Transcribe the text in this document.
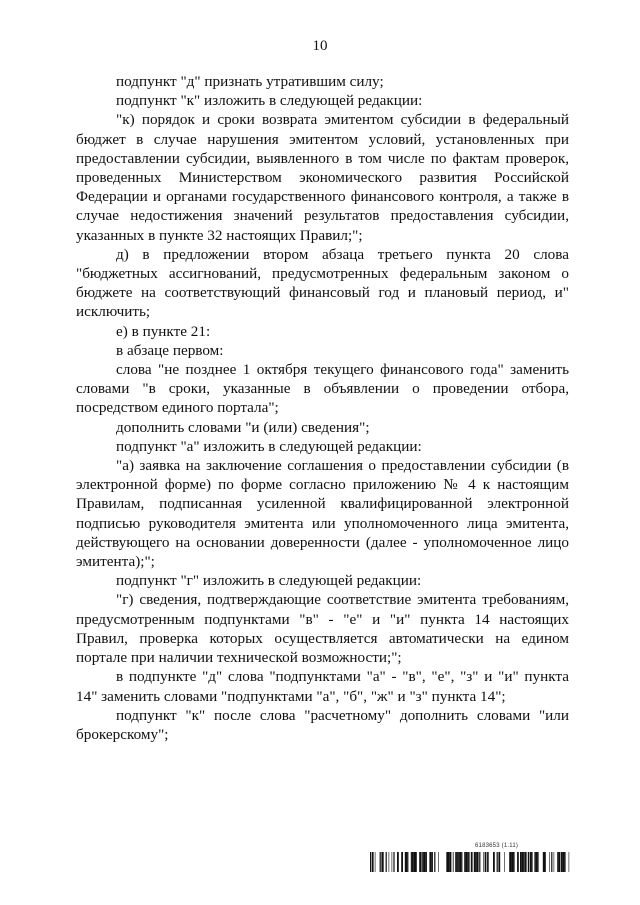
10

подпункт "д" признать утратившим силу;

подпункт "к" изложить в следующей редакции:

"к) порядок и сроки возврата эмитентом субсидии в федеральный бюджет в случае нарушения эмитентом условий, установленных при предоставлении субсидии, выявленного в том числе по фактам проверок, проведенных Министерством экономического развития Российской Федерации и органами государственного финансового контроля, а также в случае недостижения значений результатов предоставления субсидии, указанных в пункте 32 настоящих Правил;";

д) в предложении втором абзаца третьего пункта 20 слова "бюджетных ассигнований, предусмотренных федеральным законом о бюджете на соответствующий финансовый год и плановый период, и" исключить;

е) в пункте 21:

в абзаце первом:

слова "не позднее 1 октября текущего финансового года" заменить словами "в сроки, указанные в объявлении о проведении отбора, посредством единого портала";

дополнить словами "и (или) сведения";

подпункт "а" изложить в следующей редакции:

"а) заявка на заключение соглашения о предоставлении субсидии (в электронной форме) по форме согласно приложению № 4 к настоящим Правилам, подписанная усиленной квалифицированной электронной подписью руководителя эмитента или уполномоченного лица эмитента, действующего на основании доверенности (далее - уполномоченное лицо эмитента);";

подпункт "г" изложить в следующей редакции:

"г) сведения, подтверждающие соответствие эмитента требованиям, предусмотренным подпунктами "в" - "е" и "и" пункта 14 настоящих Правил, проверка которых осуществляется автоматически на едином портале при наличии технической возможности;";

в подпункте "д" слова "подпунктами "а" - "в", "е", "з" и "и" пункта 14" заменить словами "подпунктами "а", "б", "ж" и "з" пункта 14";

подпункт "к" после слова "расчетному" дополнить словами "или брокерскому";

6183653 (1.11)
